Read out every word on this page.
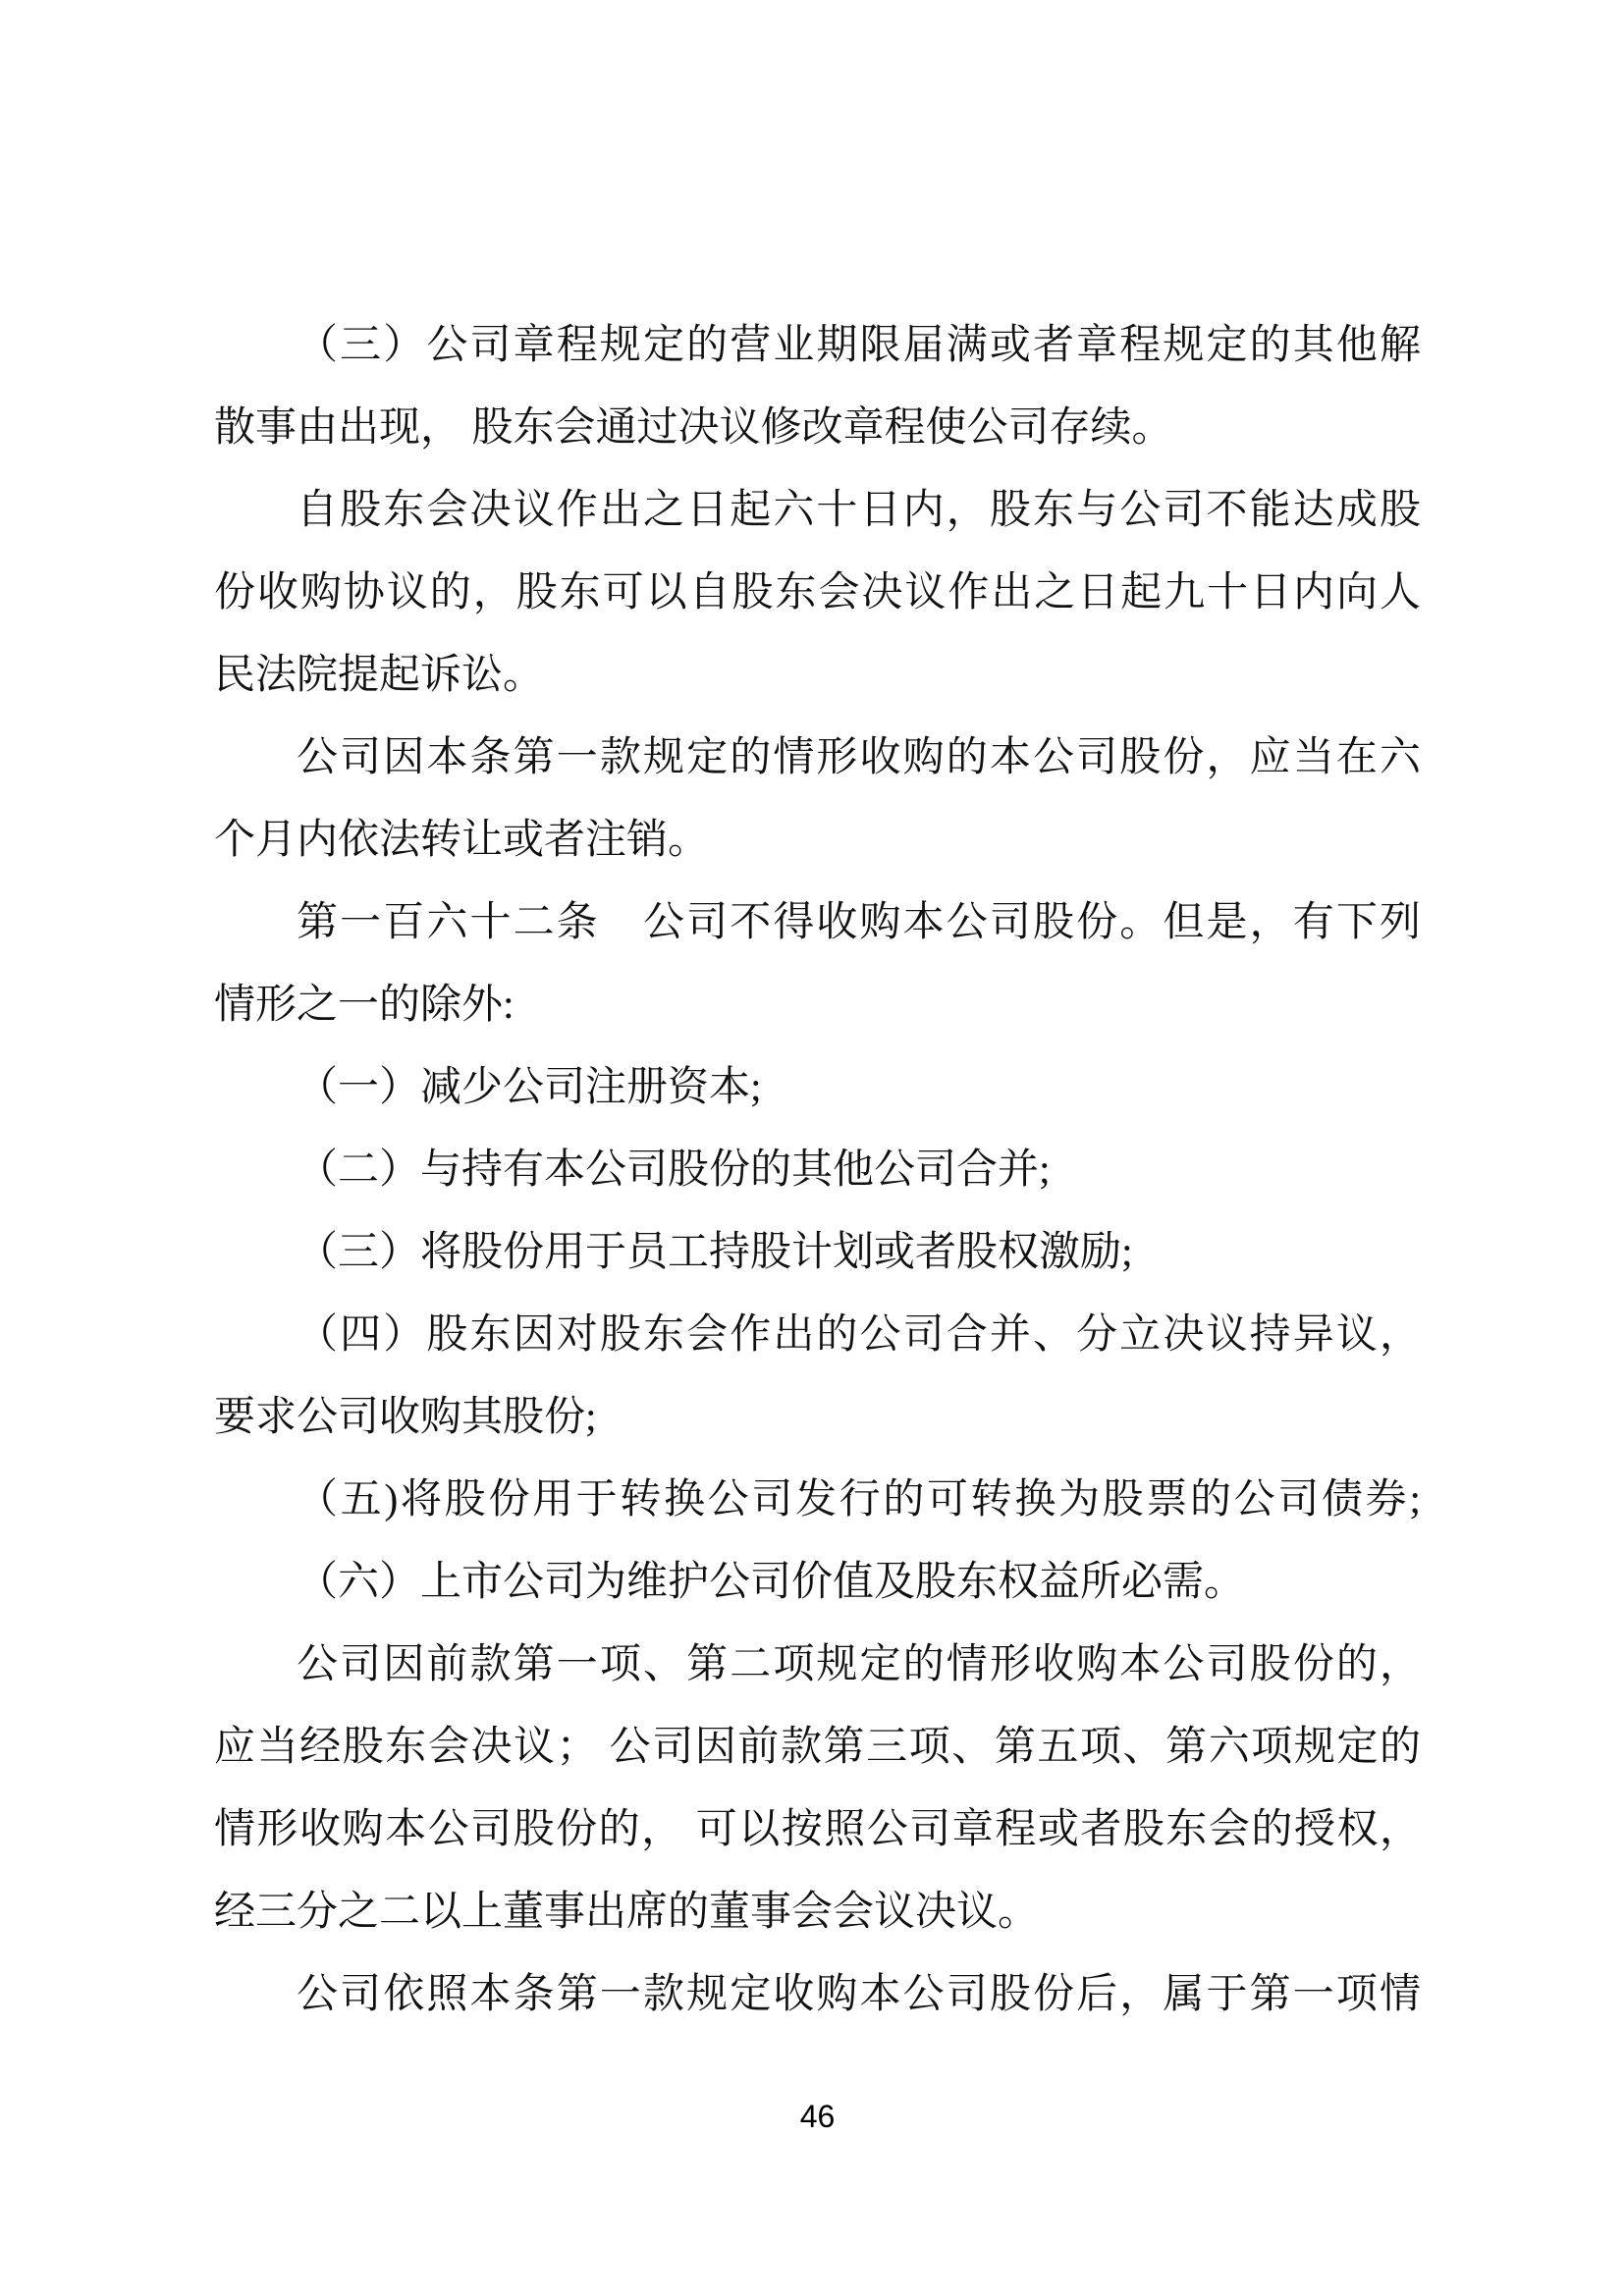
（三）公司章程规定的营业期限届满或者章程规定的其他解
散事由出现， 股东会通过决议修改章程使公司存续。
自股东会决议作出之日起六十日内，股东与公司不能达成股
份收购协议的，股东可以自股东会决议作出之日起九十日内向人
民法院提起诉讼。
公司因本条第一款规定的情形收购的本公司股份，应当在六
个月内依法转让或者注销。
第一百六十二条　公司不得收购本公司股份。但是，有下列
情形之一的除外:
（一）减少公司注册资本;
（二）与持有本公司股份的其他公司合并;
（三）将股份用于员工持股计划或者股权激励;
（四）股东因对股东会作出的公司合并、分立决议持异议，
要求公司收购其股份;
（五)将股份用于转换公司发行的可转换为股票的公司债券;
（六）上市公司为维护公司价值及股东权益所必需。
公司因前款第一项、第二项规定的情形收购本公司股份的，
应当经股东会决议； 公司因前款第三项、第五项、第六项规定的
情形收购本公司股份的， 可以按照公司章程或者股东会的授权，
经三分之二以上董事出席的董事会会议决议。
公司依照本条第一款规定收购本公司股份后，属于第一项情
46
